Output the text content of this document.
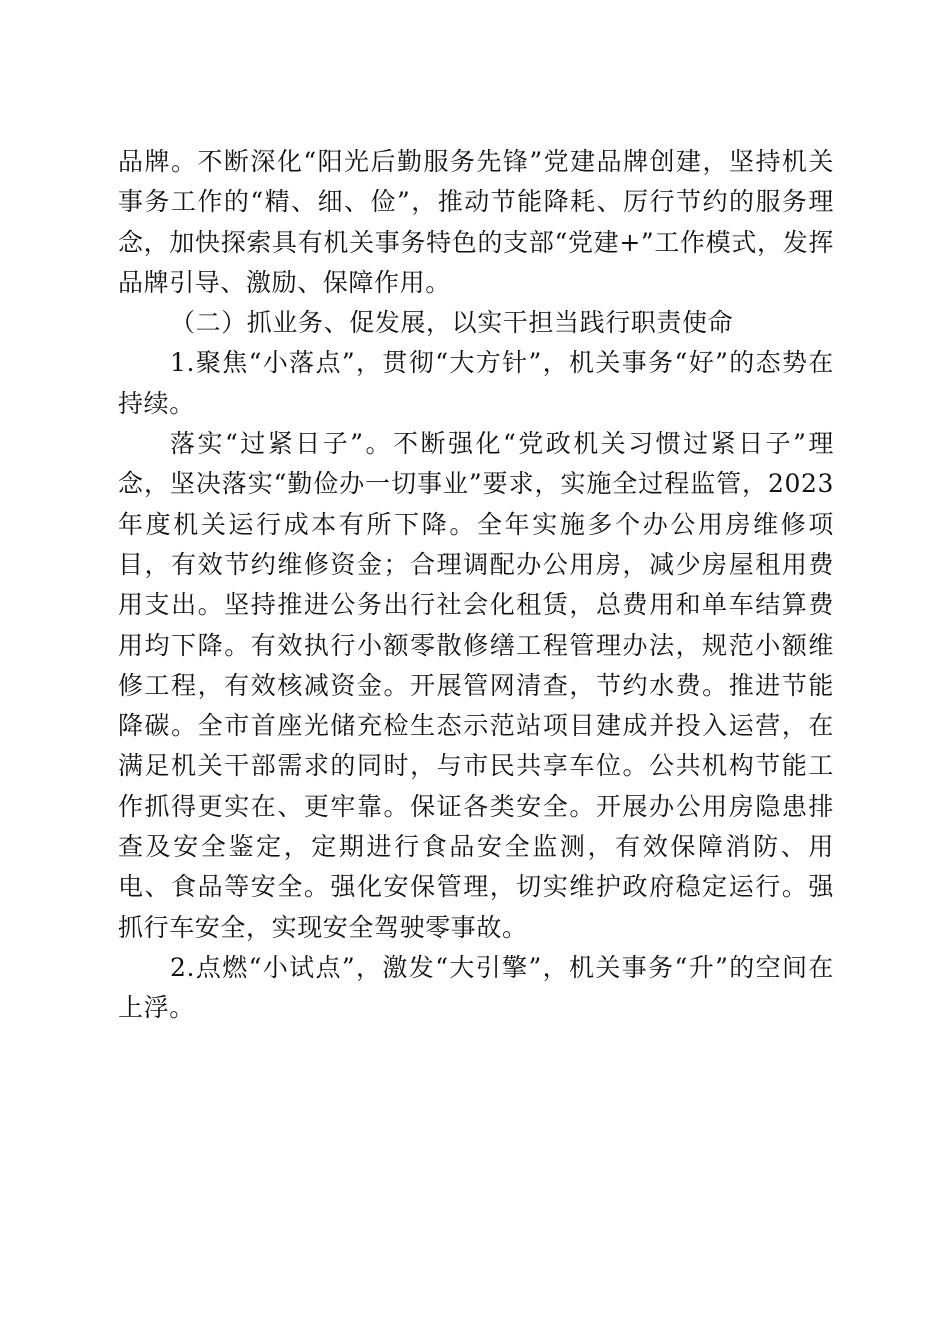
品牌。不断深化“阳光后勤服务先锋”党建品牌创建，坚持机关事务工作的“精、细、俭”，推动节能降耗、厉行节约的服务理念，加快探索具有机关事务特色的支部“党建+”工作模式，发挥品牌引导、激励、保障作用。

（二）抓业务、促发展，以实干担当践行职责使命

1.聚焦“小落点”，贯彻“大方针”，机关事务“好”的态势在持续。

落实“过紧日子”。不断强化“党政机关习惯过紧日子”理念，坚决落实“勤俭办一切事业”要求，实施全过程监管，2023年度机关运行成本有所下降。全年实施多个办公用房维修项目，有效节约维修资金；合理调配办公用房，减少房屋租用费用支出。坚持推进公务出行社会化租赁，总费用和单车结算费用均下降。有效执行小额零散修缮工程管理办法，规范小额维修工程，有效核减资金。开展管网清查，节约水费。推进节能降碳。全市首座光储充检生态示范站项目建成并投入运营，在满足机关干部需求的同时，与市民共享车位。公共机构节能工作抓得更实在、更牢靠。保证各类安全。开展办公用房隐患排查及安全鉴定，定期进行食品安全监测，有效保障消防、用电、食品等安全。强化安保管理，切实维护政府稳定运行。强抓行车安全，实现安全驾驶零事故。

2.点燃“小试点”，激发“大引擎”，机关事务“升”的空间在上浮。
